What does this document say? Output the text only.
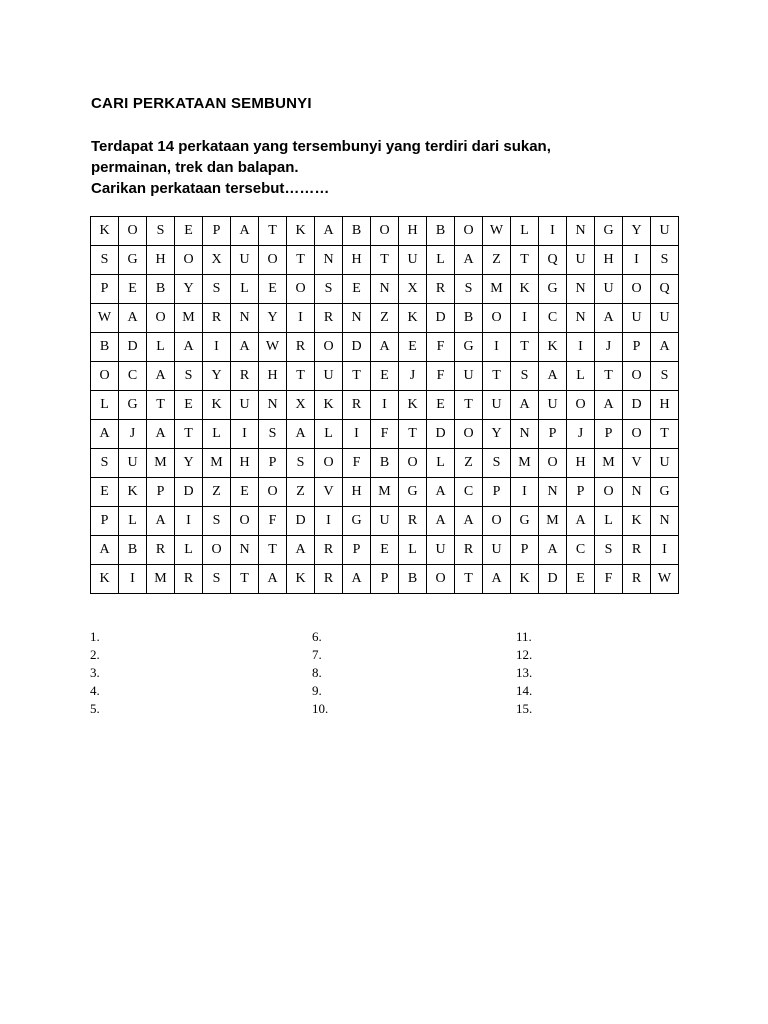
CARI PERKATAAN SEMBUNYI
Terdapat 14 perkataan yang tersembunyi yang terdiri dari sukan,
permainan, trek dan balapan.
Carikan perkataan tersebut………
K	O	S	E	P	A	T	K	A	B	O	H	B	O	W	L	I	N	G	Y	U
S	G	H	O	X	U	O	T	N	H	T	U	L	A	Z	T	Q	U	H	I	S
P	E	B	Y	S	L	E	O	S	E	N	X	R	S	M	K	G	N	U	O	Q
W	A	O	M	R	N	Y	I	R	N	Z	K	D	B	O	I	C	N	A	U	U
B	D	L	A	I	A	W	R	O	D	A	E	F	G	I	T	K	I	J	P	A
O	C	A	S	Y	R	H	T	U	T	E	J	F	U	T	S	A	L	T	O	S
L	G	T	E	K	U	N	X	K	R	I	K	E	T	U	A	U	O	A	D	H
A	J	A	T	L	I	S	A	L	I	F	T	D	O	Y	N	P	J	P	O	T
S	U	M	Y	M	H	P	S	O	F	B	O	L	Z	S	M	O	H	M	V	U
E	K	P	D	Z	E	O	Z	V	H	M	G	A	C	P	I	N	P	O	N	G
P	L	A	I	S	O	F	D	I	G	U	R	A	A	O	G	M	A	L	K	N
A	B	R	L	O	N	T	A	R	P	E	L	U	R	U	P	A	C	S	R	I
K	I	M	R	S	T	A	K	R	A	P	B	O	T	A	K	D	E	F	R	W
1.
2.
3.
4.
5.
6.
7.
8.
9.
10.
11.
12.
13.
14.
15.
